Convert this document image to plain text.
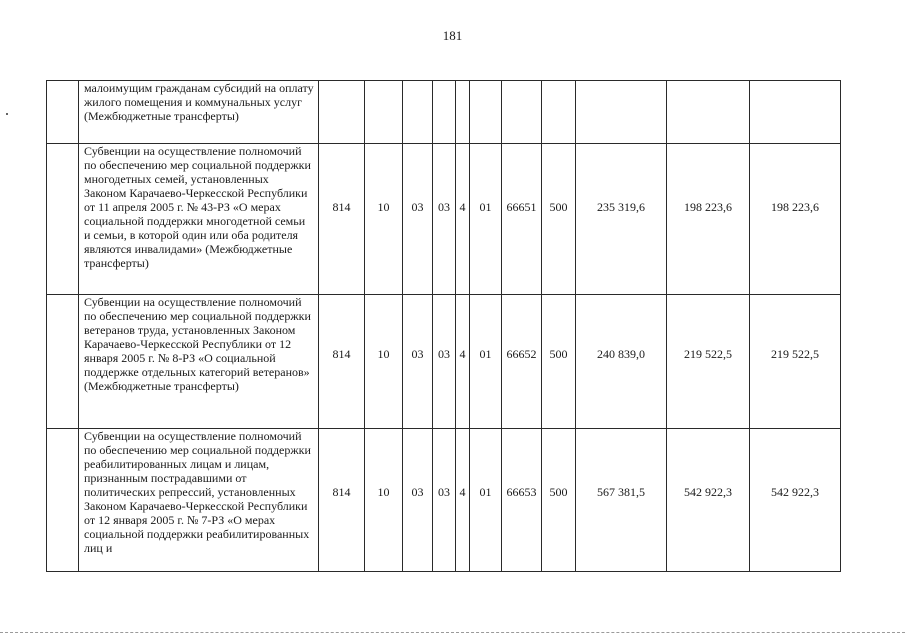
181

	малоимущим гражданам субсидий на оплату жилого помещения и коммунальных услуг (Межбюджетные трансферты)											

	Субвенции на осуществление полномочий по обеспечению мер социальной поддержки многодетных семей, установленных Законом Карачаево-Черкесской Республики от 11 апреля 2005 г. № 43-РЗ «О мерах социальной поддержки многодетной семьи и семьи, в которой один или оба родителя являются инвалидами» (Межбюджетные трансферты)	814	10	03	03	4	01	66651	500	235 319,6	198 223,6	198 223,6

	Субвенции на осуществление полномочий по обеспечению мер социальной поддержки ветеранов труда, установленных Законом Карачаево-Черкесской Республики от 12 января 2005 г. № 8-РЗ «О социальной поддержке отдельных категорий ветеранов» (Межбюджетные трансферты)	814	10	03	03	4	01	66652	500	240 839,0	219 522,5	219 522,5

	Субвенции на осуществление полномочий по обеспечению мер социальной поддержки реабилитированных лицам и лицам, признанным пострадавшими от политических репрессий, установленных Законом Карачаево-Черкесской Республики от 12 января 2005 г. № 7-РЗ «О мерах социальной поддержки реабилитированных лиц и	814	10	03	03	4	01	66653	500	567 381,5	542 922,3	542 922,3
